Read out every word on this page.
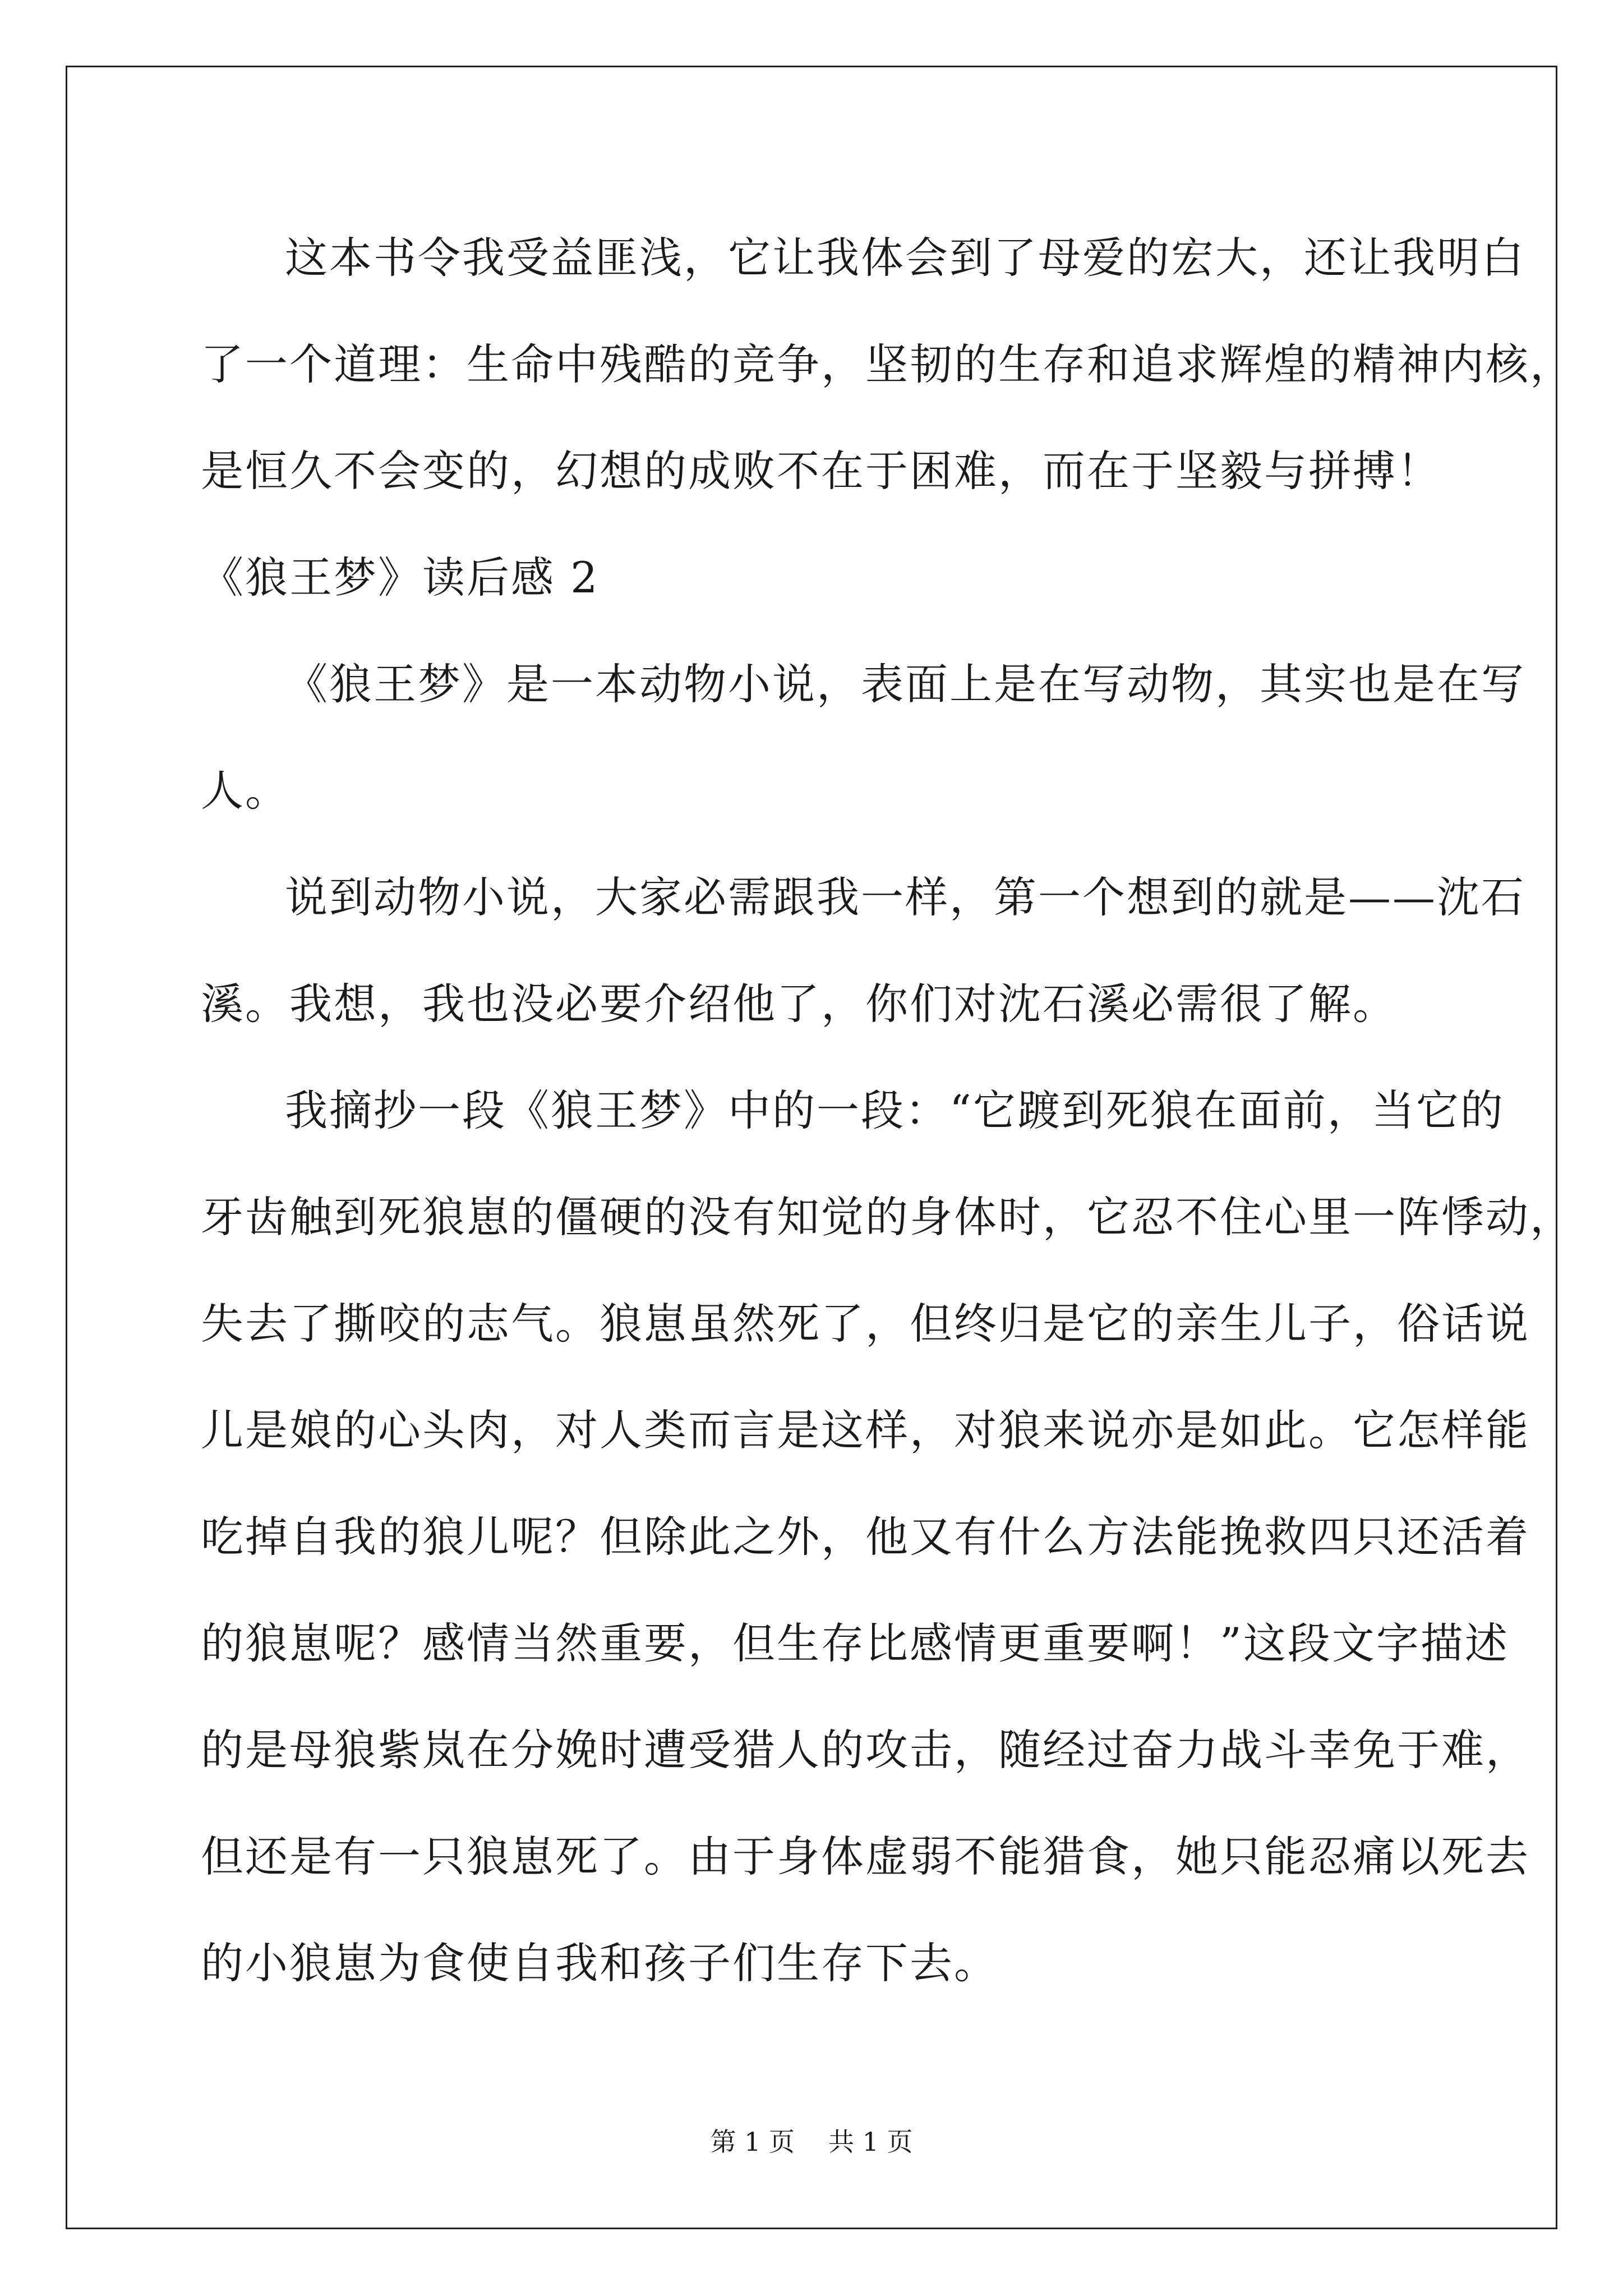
这本书令我受益匪浅，它让我体会到了母爱的宏大，还让我明白
了一个道理：生命中残酷的竞争，坚韧的生存和追求辉煌的精神内核，
是恒久不会变的，幻想的成败不在于困难，而在于坚毅与拼搏！
《狼王梦》读后感 2
《狼王梦》是一本动物小说，表面上是在写动物，其实也是在写
人。
说到动物小说，大家必需跟我一样，第一个想到的就是——沈石
溪。我想，我也没必要介绍他了，你们对沈石溪必需很了解。
我摘抄一段《狼王梦》中的一段：“它踱到死狼在面前，当它的
牙齿触到死狼崽的僵硬的没有知觉的身体时，它忍不住心里一阵悸动，
失去了撕咬的志气。狼崽虽然死了，但终归是它的亲生儿子，俗话说
儿是娘的心头肉，对人类而言是这样，对狼来说亦是如此。它怎样能
吃掉自我的狼儿呢？但除此之外，他又有什么方法能挽救四只还活着
的狼崽呢？感情当然重要，但生存比感情更重要啊！”这段文字描述
的是母狼紫岚在分娩时遭受猎人的攻击，随经过奋力战斗幸免于难，
但还是有一只狼崽死了。由于身体虚弱不能猎食，她只能忍痛以死去
的小狼崽为食使自我和孩子们生存下去。
第 1 页 共 1 页
